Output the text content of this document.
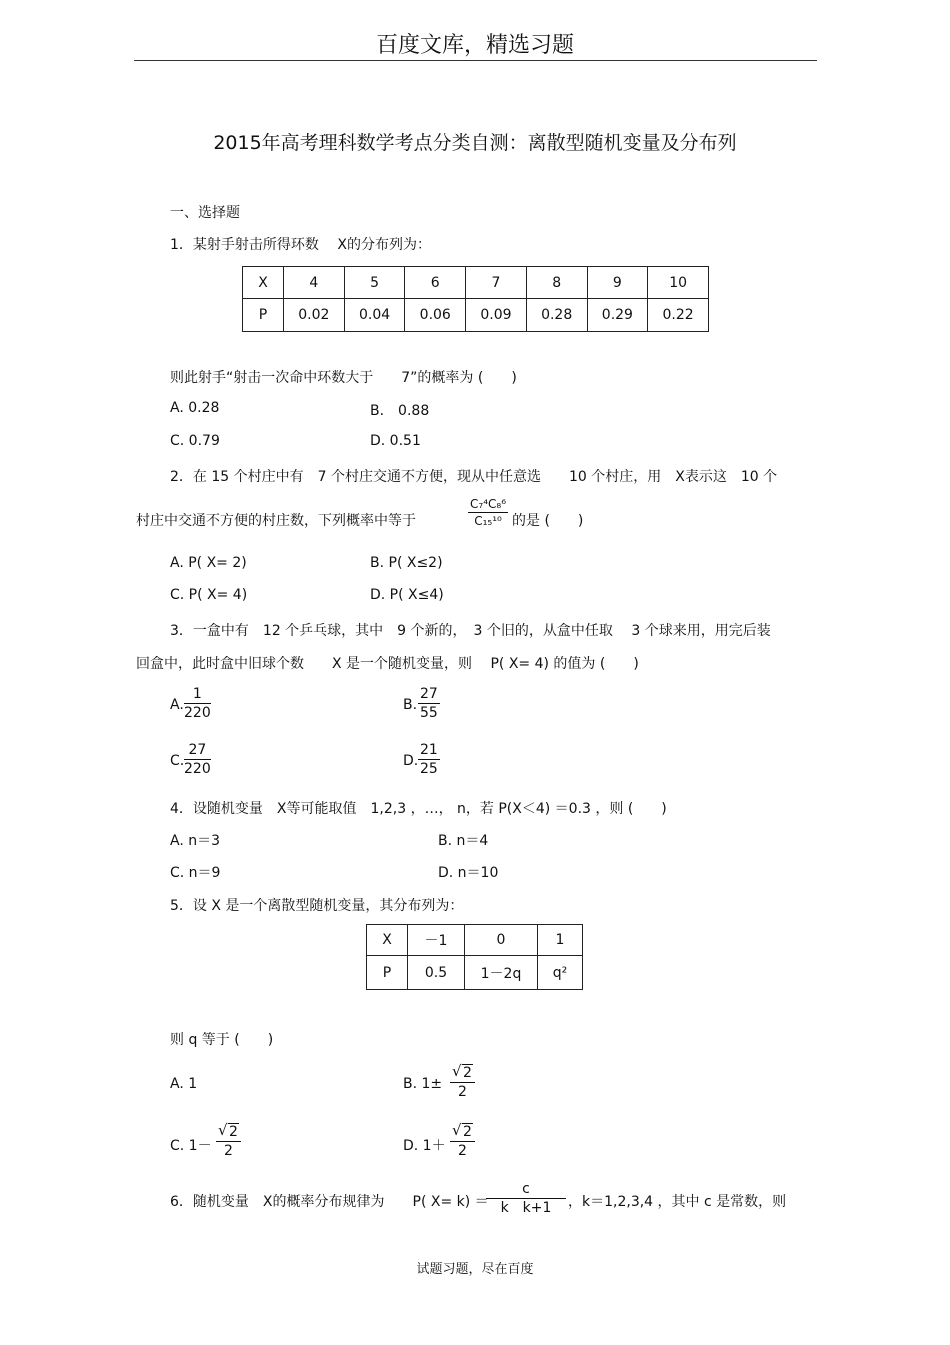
百度文库，精选习题
2015年高考理科数学考点分类自测：离散型随机变量及分布列
一、选择题
1．某射手射击所得环数　 X的分布列为：
X	4	5	6	7	8	9	10
P	0.02	0.04	0.06	0.09	0.28	0.29	0.22
则此射手“射击一次命中环数大于　　7”的概率为 (　　)
A. 0.28	B． 0.88
C. 0.79	D. 0.51
2．在 15 个村庄中有　7 个村庄交通不方便，现从中任意选　　10 个村庄，用　X表示这　10 个
村庄中交通不方便的村庄数，下列概率中等于	$\frac{\text{C₇⁴C₈⁶}}{\text{C₁₅¹⁰}}$ 的是 (　　)
A. P( X= 2)	B. P( X≤2)
C. P( X= 4)	D. P( X≤4)
3．一盒中有　12 个乒乓球，其中　9 个新的，　3 个旧的，从盒中任取　 3 个球来用，用完后装
回盒中，此时盒中旧球个数　　X 是一个随机变量，则　 P( X= 4) 的值为 (　　)
A. $\frac{1}{220}$	B. $\frac{27}{55}$
C. $\frac{27}{220}$	D. $\frac{21}{25}$
4．设随机变量　X等可能取值　1,2,3 ，…， n，若 P(X＜4) ＝0.3 ，则 (　　)
A. n＝3	B. n＝4
C. n＝9	D. n＝10
5．设 X 是一个离散型随机变量，其分布列为：
X	－1	0	1
P	0.5	1－2q	q²
则 q 等于 (　　)
A. 1	B. $1\pm \frac{√ 2}{2}$
C. $1- \frac{√ 2}{2}$	D. $1+ \frac{√ 2}{2}$
6．随机变量　X的概率分布规律为　　P( X= k) ＝
$\frac{c}{\text{k　k+1}}$ ，k＝1,2,3,4 ，其中 c 是常数，则
试题习题，尽在百度
